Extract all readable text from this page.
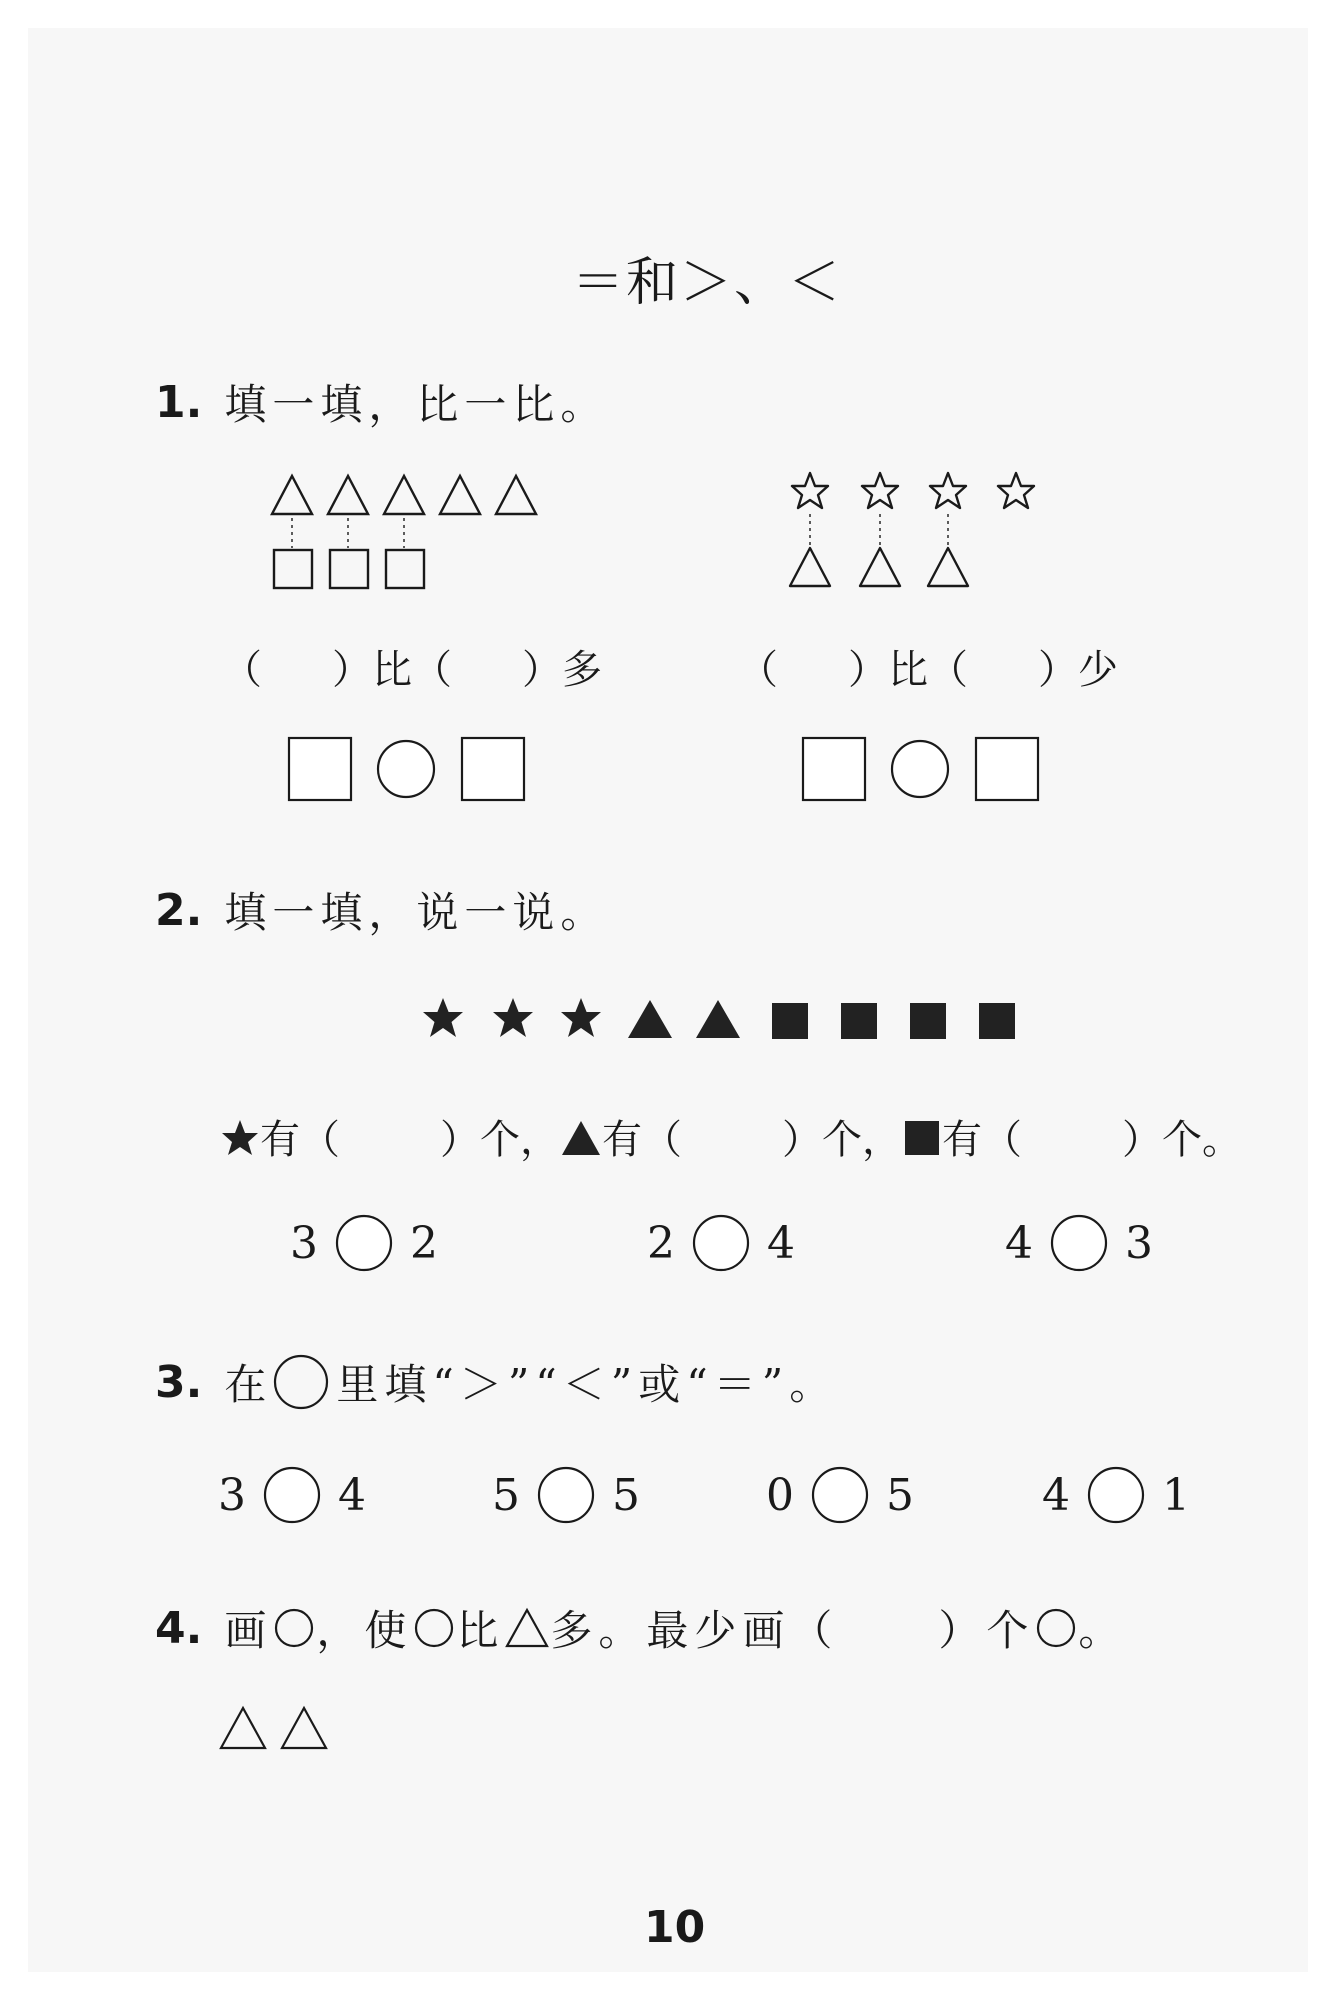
＝和＞、＜
1. 填一填，比一比。
（ ）比（ ）多	（ ）比（ ）少
2. 填一填，说一说。
有（	）个， 有（	）个， 有（	）个。
3 2	2 4	4 3
3. 在 里填“＞”“＜”或“＝”。
3 4	5 5	0 5	4 1
4. 画 ，使 比 多。最少画（ ）个 。
10
